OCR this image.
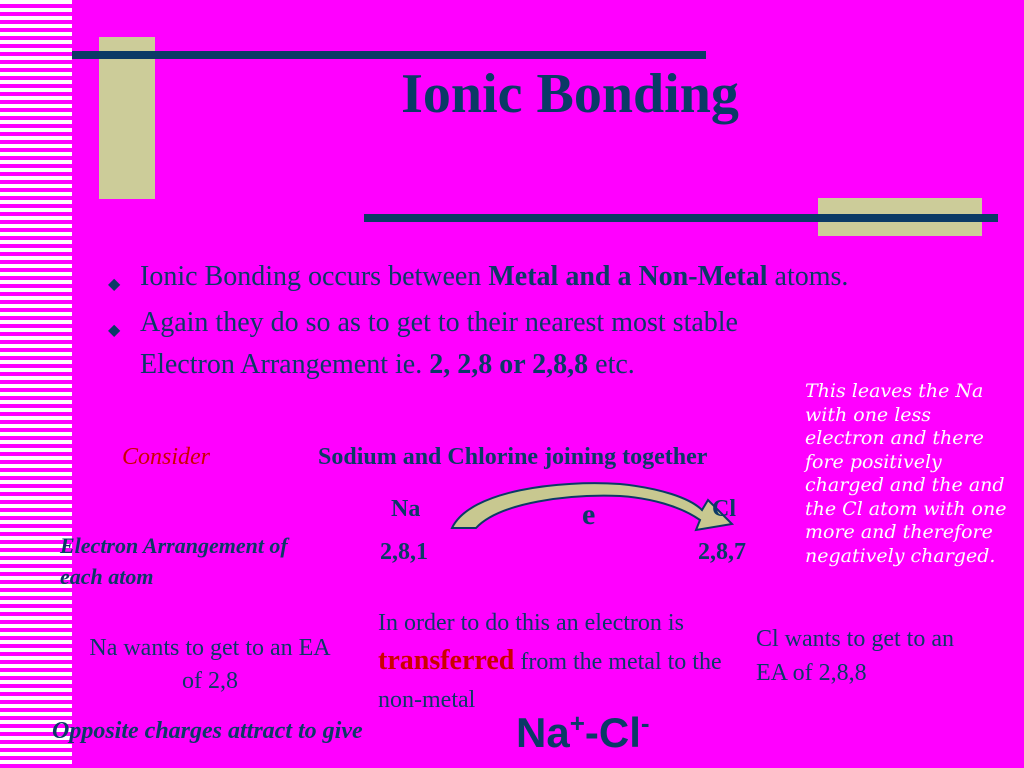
Ionic Bonding
◆ Ionic Bonding occurs between Metal and a Non-Metal atoms.
◆ Again they do so as to get to their nearest most stable Electron Arrangement ie. 2, 2,8 or 2,8,8 etc.
Consider	Sodium and Chlorine joining together
Na	Cl
e
2,8,1	2,8,7
Electron Arrangement of each atom
Na wants to get to an EA of 2,8
In order to do this an electron is transferred from the metal to the non-metal
Cl wants to get to an    EA of 2,8,8
This leaves the Na with one less electron and there fore positively charged and the and the Cl atom with one more and therefore negatively charged.
Opposite charges attract to give	Na+-Cl-
